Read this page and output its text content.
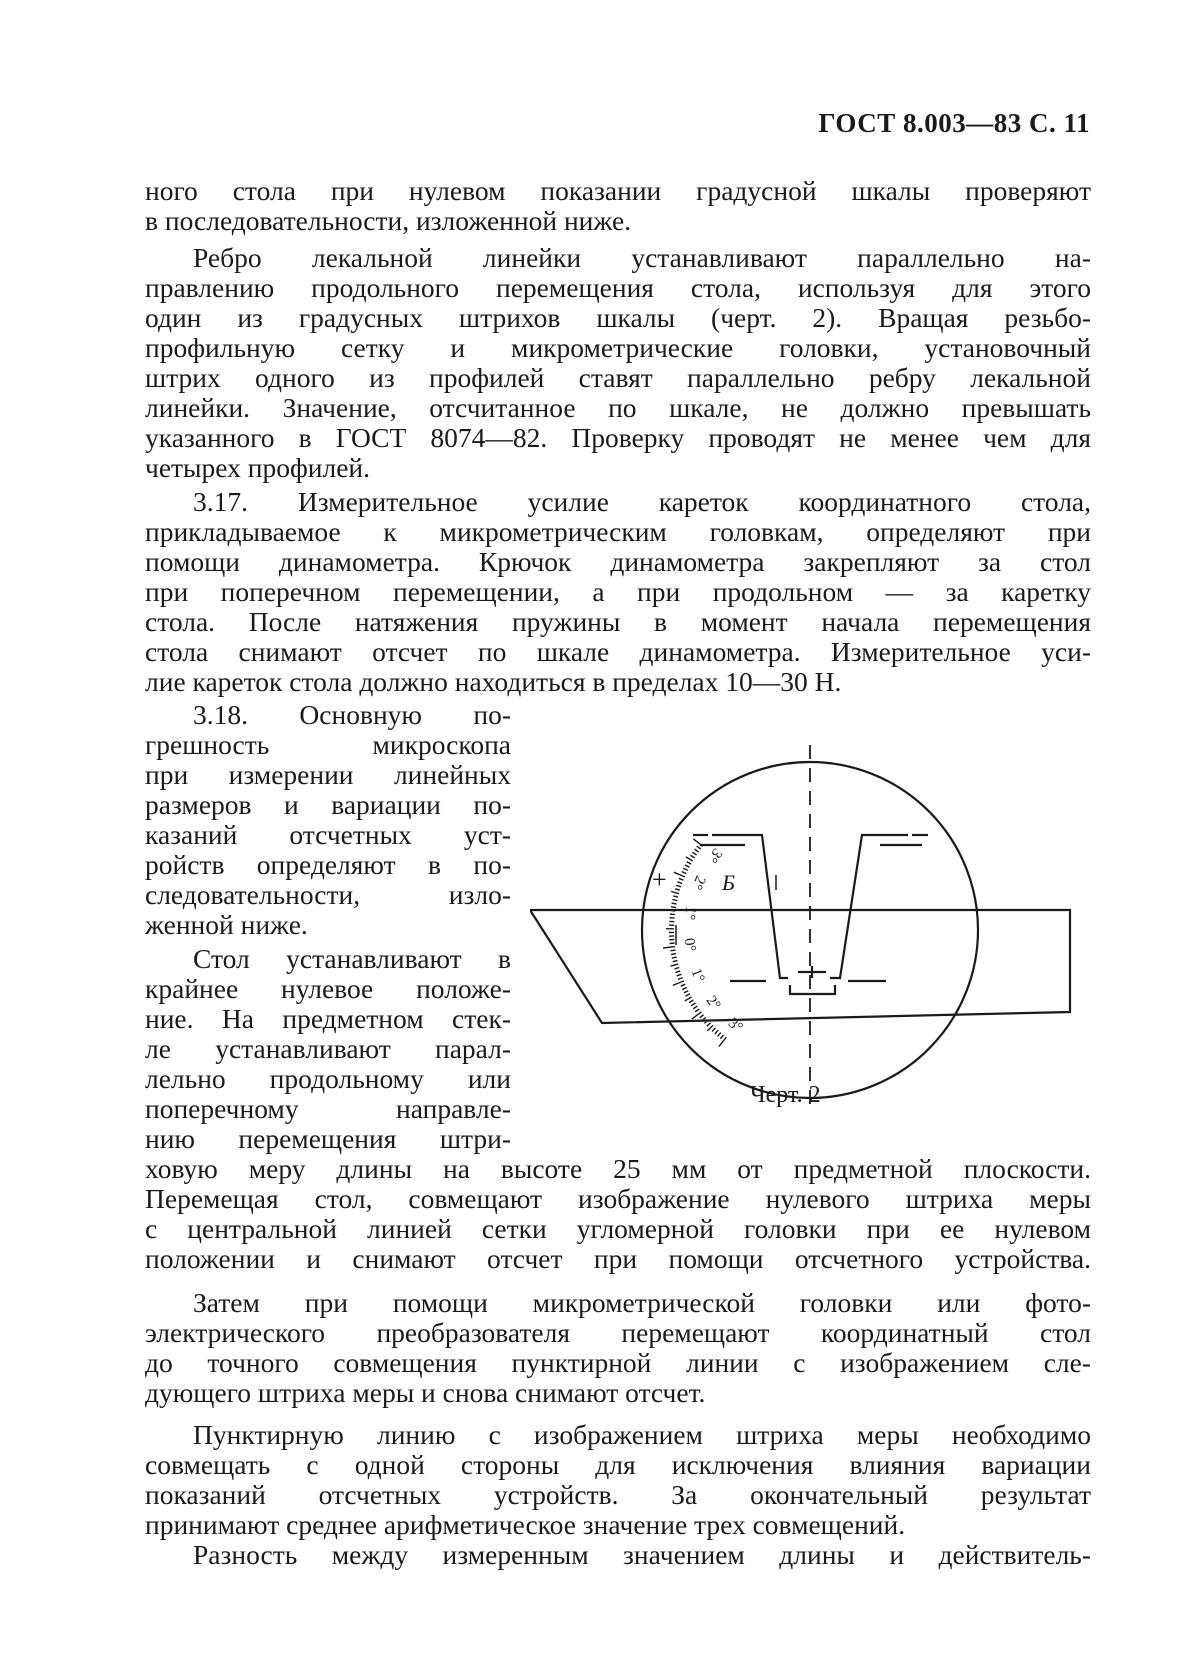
ГОСТ 8.003—83 С. 11
ного стола при нулевом показании градусной шкалы проверяют
в последовательности, изложенной ниже.
Ребро лекальной линейки устанавливают параллельно на-
правлению продольного перемещения стола, используя для этого
один из градусных штрихов шкалы (черт. 2). Вращая резьбо-
профильную сетку и микрометрические головки, установочный
штрих одного из профилей ставят параллельно ребру лекальной
линейки. Значение, отсчитанное по шкале, не должно превышать
указанного в ГОСТ 8074—82. Проверку проводят не менее чем для
четырех профилей.
3.17. Измерительное усилие кареток координатного стола,
прикладываемое к микрометрическим головкам, определяют при
помощи динамометра. Крючок динамометра закрепляют за стол
при поперечном перемещении, а при продольном — за каретку
стола. После натяжения пружины в момент начала перемещения
стола снимают отсчет по шкале динамометра. Измерительное уси-
лие кареток стола должно находиться в пределах 10—30 Н.
3.18. Основную по-
грешность микроскопа
при измерении линейных
размеров и вариации по-
казаний отсчетных уст-
ройств определяют в по-
следовательности, изло-
женной ниже.
Стол устанавливают в
крайнее нулевое положе-
ние. На предметном стек-
ле устанавливают парал-
лельно продольному или
поперечному направле-
нию перемещения штри-
ховую меру длины на высоте 25 мм от предметной плоскости.
Перемещая стол, совмещают изображение нулевого штриха меры
с центральной линией сетки угломерной головки при ее нулевом
положении и снимают отсчет при помощи отсчетного устройства.
Затем при помощи микрометрической головки или фото-
электрического преобразователя перемещают координатный стол
до точного совмещения пунктирной линии с изображением сле-
дующего штриха меры и снова снимают отсчет.
Пунктирную линию с изображением штриха меры необходимо
совмещать с одной стороны для исключения влияния вариации
показаний отсчетных устройств. За окончательный результат
принимают среднее арифметическое значение трех совмещений.
Разность между измеренным значением длины и действитель-
3°
2°
1°
0°
1°
2°
3°
+	Б
Черт. 2
